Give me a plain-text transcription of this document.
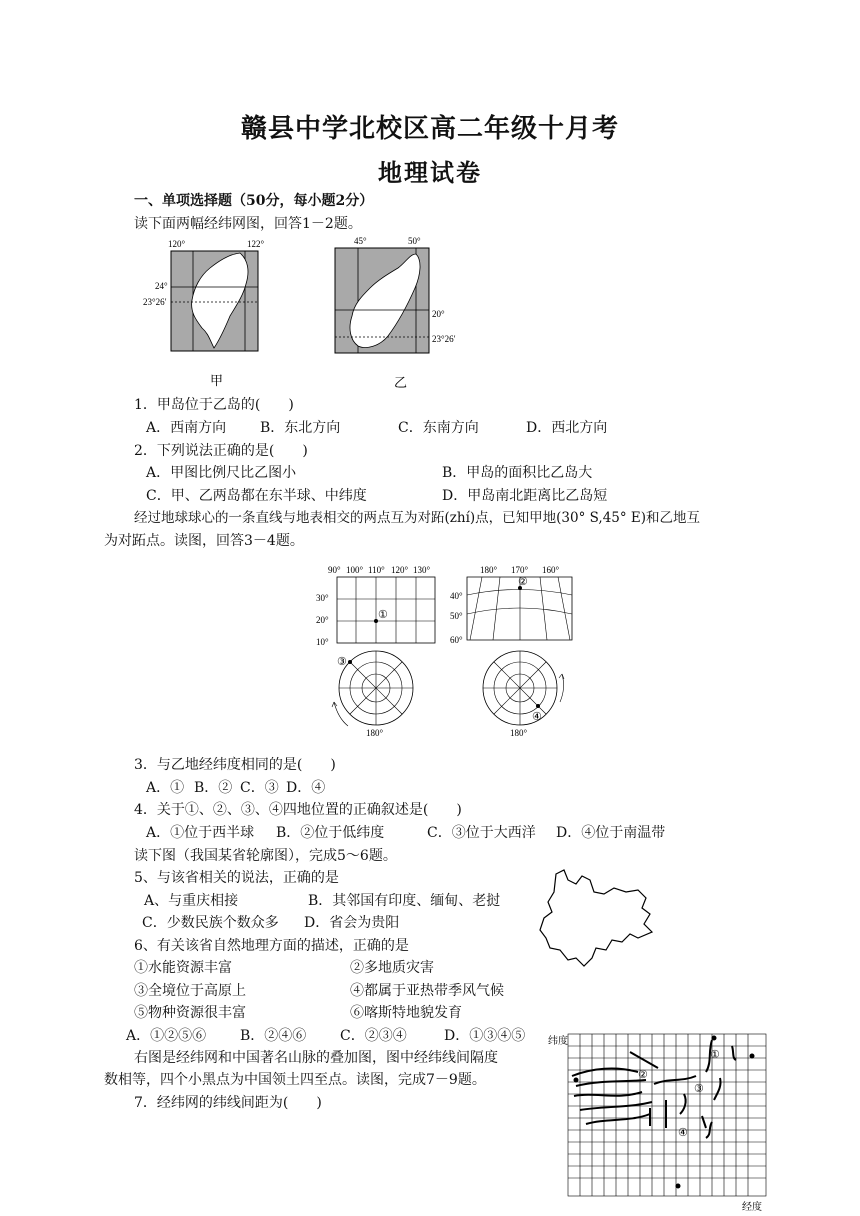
赣县中学北校区高二年级十月考
地理试卷
一、单项选择题（50分，每小题2分）
读下面两幅经纬网图，回答1－2题。
120°	122°
24°
23°26′
甲
45°	50°
20°
23°26′
乙
1．甲岛位于乙岛的(　　)
A．西南方向 B．东北方向	C．东南方向	D．西北方向
2．下列说法正确的是(　　)
A．甲图比例尺比乙图小	B．甲岛的面积比乙岛大
C．甲、乙两岛都在东半球、中纬度	D．甲岛南北距离比乙岛短
经过地球球心的一条直线与地表相交的两点互为对跖(zhí)点，已知甲地(30° S,45° E)和乙地互
为对跖点。读图，回答3－4题。
90° 100° 110° 120° 130°
30°
20°
10°
①
180° 170° 160°
40°
50°
60°
②
③
180°
④
180°
3．与乙地经纬度相同的是(　　)
A．① B．② C．③ D．④
4．关于①、②、③、④四地位置的正确叙述是(　　)
A．①位于西半球 B．②位于低纬度	C．③位于大西洋 D．④位于南温带
读下图（我国某省轮廓图），完成5～6题。
5、与该省相关的说法，正确的是
A、与重庆相接	B．其邻国有印度、缅甸、老挝
C．少数民族个数众多 D．省会为贵阳
6、有关该省自然地理方面的描述，正确的是
①水能资源丰富	②多地质灾害
③全境位于高原上	④都属于亚热带季风气候
⑤物种资源很丰富	⑥喀斯特地貌发育
A．①②⑤⑥ B．②④⑥ C．②③④	D．①③④⑤
右图是经纬网和中国著名山脉的叠加图，图中经纬线间隔度
数相等，四个小黑点为中国领土四至点。读图，完成7－9题。
7．经纬网的纬线间距为(　　)
纬度
经度
①
②
③
④
